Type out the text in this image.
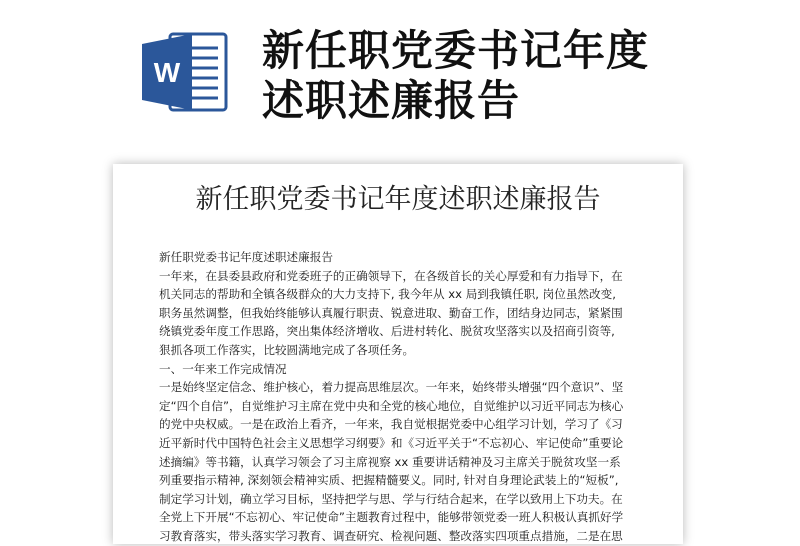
W 新任职党委书记年度
述职述廉报告
新任职党委书记年度述职述廉报告
新任职党委书记年度述职述廉报告
一年来，在县委县政府和党委班子的正确领导下，在各级首长的关心厚爱和有力指导下，在
机关同志的帮助和全镇各级群众的大力支持下, 我今年从 xx 局到我镇任职, 岗位虽然改变,
职务虽然调整，但我始终能够认真履行职责、锐意进取、勤奋工作，团结身边同志，紧紧围
绕镇党委年度工作思路，突出集体经济增收、后进村转化、脱贫攻坚落实以及招商引资等,
狠抓各项工作落实，比较圆满地完成了各项任务。
一、一年来工作完成情况
一是始终坚定信念、维护核心，着力提高思维层次。一年来，始终带头增强“四个意识”、坚
定“四个自信”，自觉维护习主席在党中央和全党的核心地位，自觉维护以习近平同志为核心
的党中央权威。一是在政治上看齐，一年来，我自觉根据党委中心组学习计划，学习了《习
近平新时代中国特色社会主义思想学习纲要》和《习近平关于“不忘初心、牢记使命”重要论
述摘编》等书籍，认真学习领会了习主席视察 xx 重要讲话精神及习主席关于脱贫攻坚一系
列重要指示精神, 深刻领会精神实质、把握精髓要义。同时, 针对自身理论武装上的“短板”,
制定学习计划，确立学习目标，坚持把学与思、学与行结合起来，在学以致用上下功夫。在
全党上下开展“不忘初心、牢记使命”主题教育过程中，能够带领党委一班人积极认真抓好学
习教育落实，带头落实学习教育、调查研究、检视问题、整改落实四项重点措施，二是在思
